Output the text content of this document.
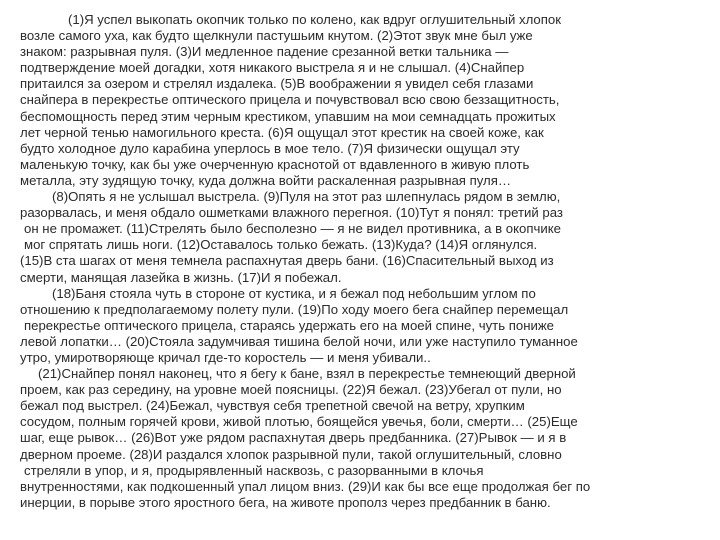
(1)Я успел выкопать окопчик только по колено, как вдруг оглушительный хлопок
возле самого уха, как будто щелкнули пастушьим кнутом. (2)Этот звук мне был уже
знаком: разрывная пуля. (3)И медленное падение срезанной ветки тальника —
подтверждение моей догадки, хотя никакого выстрела я и не слышал. (4)Снайпер
притаился за озером и стрелял издалека. (5)В воображении я увидел себя глазами
снайпера в перекрестье оптического прицела и почувствовал всю свою беззащитность,
беспомощность перед этим черным крестиком, упавшим на мои семнадцать прожитых
лет черной тенью намогильного креста. (6)Я ощущал этот крестик на своей коже, как
будто холодное дуло карабина уперлось в мое тело. (7)Я физически ощущал эту
маленькую точку, как бы уже очерченную краснотой от вдавленного в живую плоть
металла, эту зудящую точку, куда должна войти раскаленная разрывная пуля…
(8)Опять я не услышал выстрела. (9)Пуля на этот раз шлепнулась рядом в землю,
разорвалась, и меня обдало ошметками влажного перегноя. (10)Тут я понял: третий раз
он не промажет. (11)Стрелять было бесполезно — я не видел противника, а в окопчике
мог спрятать лишь ноги. (12)Оставалось только бежать. (13)Куда? (14)Я оглянулся.
(15)В ста шагах от меня темнела распахнутая дверь бани. (16)Спасительный выход из
смерти, манящая лазейка в жизнь. (17)И я побежал.
(18)Баня стояла чуть в стороне от кустика, и я бежал под небольшим углом по
отношению к предполагаемому полету пули. (19)По ходу моего бега снайпер перемещал
перекрестье оптического прицела, стараясь удержать его на моей спине, чуть пониже
левой лопатки… (20)Стояла задумчивая тишина белой ночи, или уже наступило туманное
утро, умиротворяюще кричал где-то коростель — и меня убивали..
(21)Снайпер понял наконец, что я бегу к бане, взял в перекрестье темнеющий дверной
проем, как раз середину, на уровне моей поясницы. (22)Я бежал. (23)Убегал от пули, но
бежал под выстрел. (24)Бежал, чувствуя себя трепетной свечой на ветру, хрупким
сосудом, полным горячей крови, живой плотью, боящейся увечья, боли, смерти… (25)Еще
шаг, еще рывок… (26)Вот уже рядом распахнутая дверь предбанника. (27)Рывок — и я в
дверном проеме. (28)И раздался хлопок разрывной пули, такой оглушительный, словно
стреляли в упор, и я, продырявленный насквозь, с разорванными в клочья
внутренностями, как подкошенный упал лицом вниз. (29)И как бы все еще продолжая бег по
инерции, в порыве этого яростного бега, на животе прополз через предбанник в баню.
